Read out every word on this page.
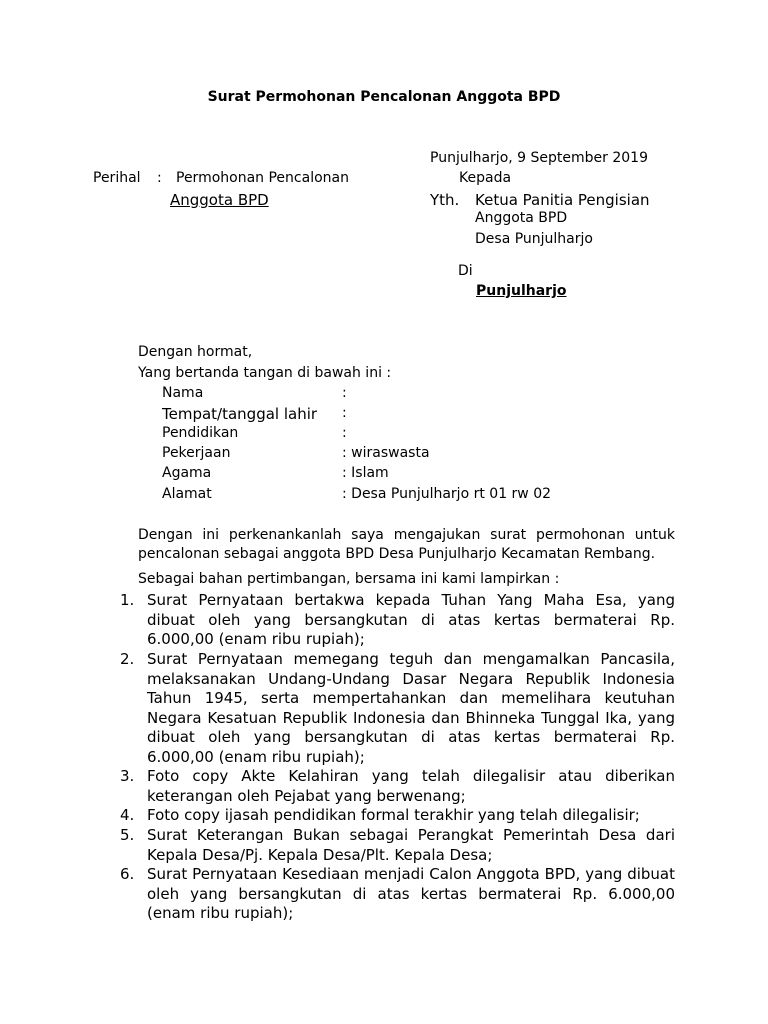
Surat Permohonan Pencalonan Anggota BPD
Punjulharjo, 9 September 2019
Kepada
Perihal : Permohonan Pencalonan
Anggota BPD	Yth. Ketua Panitia Pengisian
Anggota BPD
Desa Punjulharjo
Di
Punjulharjo
Dengan hormat,
Yang bertanda tangan di bawah ini :
Nama	:
Tempat/tanggal lahir :
Pendidikan	:
Pekerjaan	: wiraswasta
Agama	: Islam
Alamat	: Desa Punjulharjo rt 01 rw 02
Dengan ini perkenankanlah saya mengajukan surat permohonan untuk pencalonan sebagai anggota BPD Desa Punjulharjo Kecamatan Rembang.
Sebagai bahan pertimbangan, bersama ini kami lampirkan :
1. Surat Pernyataan bertakwa kepada Tuhan Yang Maha Esa, yang dibuat oleh yang bersangkutan di atas kertas bermaterai Rp. 6.000,00 (enam ribu rupiah);
2. Surat Pernyataan memegang teguh dan mengamalkan Pancasila, melaksanakan Undang-Undang Dasar Negara Republik Indonesia Tahun 1945, serta mempertahankan dan memelihara keutuhan Negara Kesatuan Republik Indonesia dan Bhinneka Tunggal Ika, yang dibuat oleh yang bersangkutan di atas kertas bermaterai Rp. 6.000,00 (enam ribu rupiah);
3. Foto copy Akte Kelahiran yang telah dilegalisir atau diberikan keterangan oleh Pejabat yang berwenang;
4. Foto copy ijasah pendidikan formal terakhir yang telah dilegalisir;
5. Surat Keterangan Bukan sebagai Perangkat Pemerintah Desa dari Kepala Desa/Pj. Kepala Desa/Plt. Kepala Desa;
6. Surat Pernyataan Kesediaan menjadi Calon Anggota BPD, yang dibuat oleh yang bersangkutan di atas kertas bermaterai Rp. 6.000,00 (enam ribu rupiah);
